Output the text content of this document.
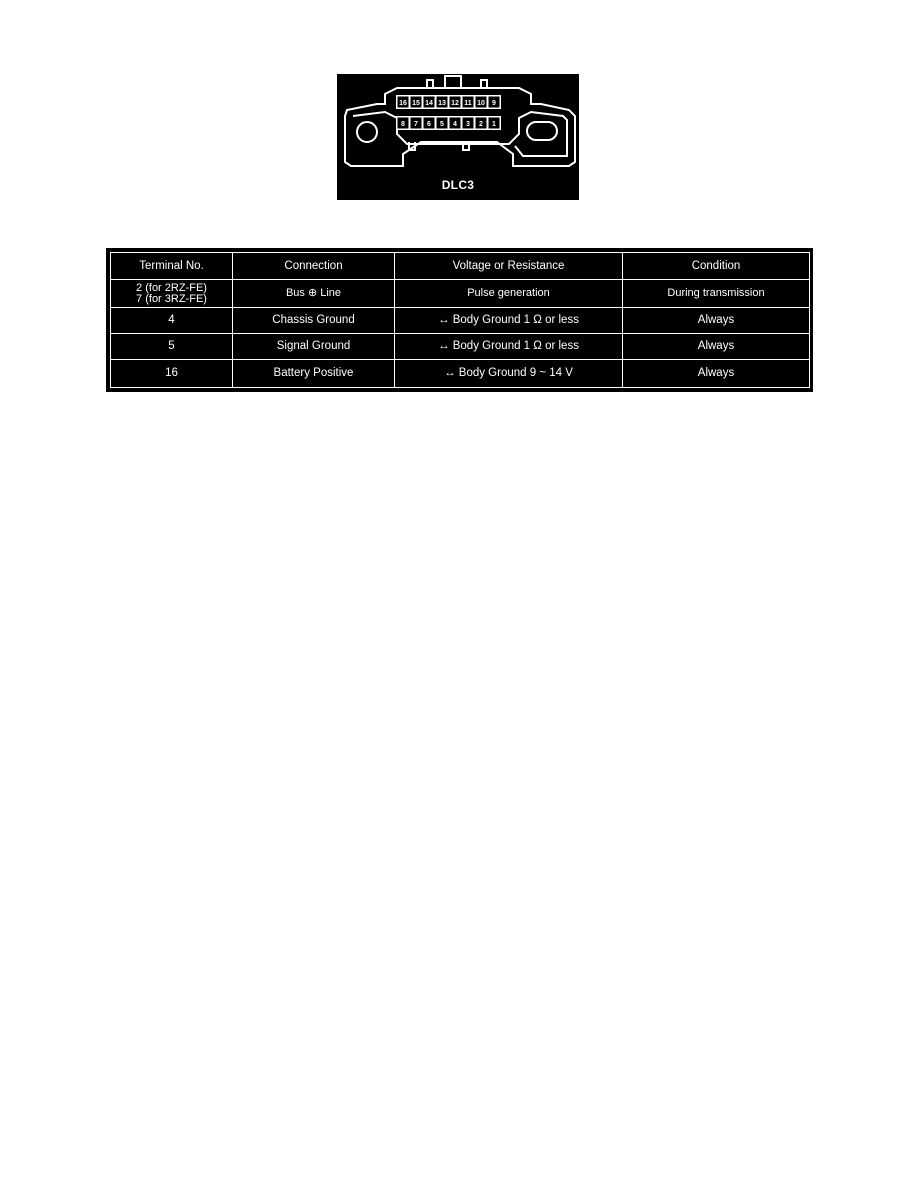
16 15 14 13 12 11 10 9
8 7 6 5 4 3 2 1
DLC3
Terminal No.	Connection	Voltage or Resistance	Condition

2 (for 2RZ-FE)
7 (for 3RZ-FE)	Bus ⊕ Line	Pulse generation	During transmission
4	Chassis Ground	↔ Body Ground 1 Ω or less	Always
5	Signal Ground	↔ Body Ground 1 Ω or less	Always
16	Battery Positive	↔ Body Ground 9 ~ 14 V	Always
